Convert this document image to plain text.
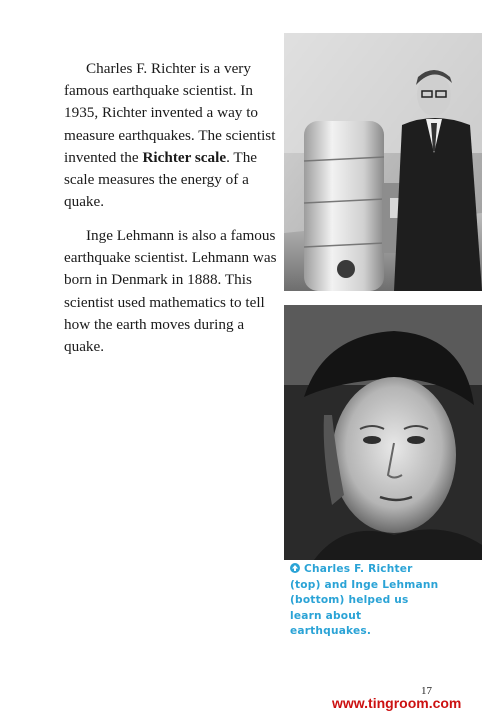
Charles F. Richter is a very famous earthquake scientist. In 1935, Richter invented a way to measure earthquakes. The scientist invented the Richter scale. The scale measures the energy of a quake.

Inge Lehmann is also a famous earthquake scientist. Lehmann was born in Denmark in 1888. This scientist used mathematics to tell how the earth moves during a quake.

Charles F. Richter (top) and Inge Lehmann (bottom) helped us learn about earthquakes.
17
www.tingroom.com
